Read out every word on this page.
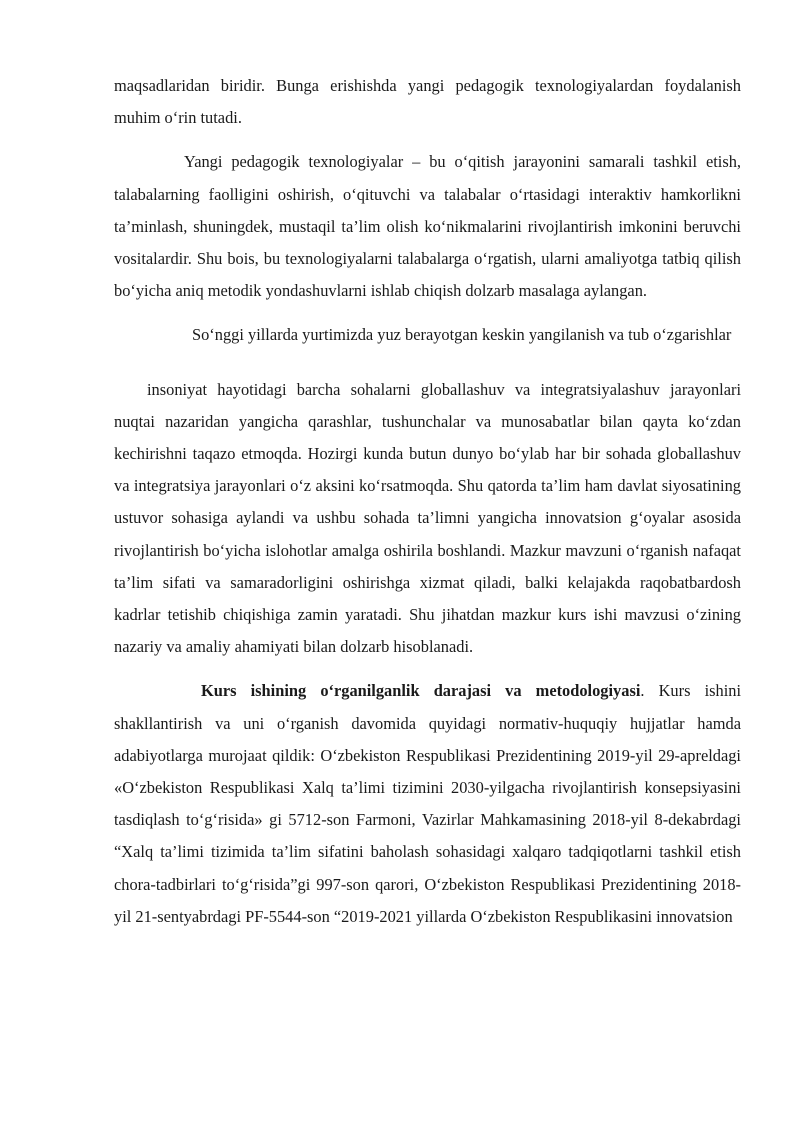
maqsadlaridan biridir. Bunga erishishda yangi pedagogik texnologiyalardan foydalanish muhim o‘rin tutadi.

Yangi pedagogik texnologiyalar – bu o‘qitish jarayonini samarali tashkil etish, talabalarning faolligini oshirish, o‘qituvchi va talabalar o‘rtasidagi interaktiv hamkorlikni ta’minlash, shuningdek, mustaqil ta’lim olish ko‘nikmalarini rivojlantirish imkonini beruvchi vositalardir. Shu bois, bu texnologiyalarni talabalarga o‘rgatish, ularni amaliyotga tatbiq qilish bo‘yicha aniq metodik yondashuvlarni ishlab chiqish dolzarb masalaga aylangan.

So‘nggi yillarda yurtimizda yuz berayotgan keskin yangilanish va tub o‘zgarishlar

insoniyat hayotidagi barcha sohalarni globallashuv va integratsiyalashuv jarayonlari nuqtai nazaridan yangicha qarashlar, tushunchalar va munosabatlar bilan qayta ko‘zdan kechirishni taqazo etmoqda. Hozirgi kunda butun dunyo bo‘ylab har bir sohada globallashuv va integratsiya jarayonlari o‘z aksini ko‘rsatmoqda. Shu qatorda ta’lim ham davlat siyosatining ustuvor sohasiga aylandi va ushbu sohada ta’limni yangicha innovatsion g‘oyalar asosida rivojlantirish bo‘yicha islohotlar amalga oshirila boshlandi. Mazkur mavzuni o‘rganish nafaqat ta’lim sifati va samaradorligini oshirishga xizmat qiladi, balki kelajakda raqobatbardosh kadrlar tetishib chiqishiga zamin yaratadi. Shu jihatdan mazkur kurs ishi mavzusi o‘zining nazariy va amaliy ahamiyati bilan dolzarb hisoblanadi.

Kurs ishining o‘rganilganlik darajasi va metodologiyasi. Kurs ishini shakllantirish va uni o‘rganish davomida quyidagi normativ-huquqiy hujjatlar hamda adabiyotlarga murojaat qildik: O‘zbekiston Respublikasi Prezidentining 2019-yil 29-apreldagi «O‘zbekiston Respublikasi Xalq ta’limi tizimini 2030-yilgacha rivojlantirish konsepsiyasini tasdiqlash to‘g‘risida» gi 5712-son Farmoni, Vazirlar Mahkamasining 2018-yil 8-dekabrdagi “Xalq ta’limi tizimida ta’lim sifatini baholash sohasidagi xalqaro tadqiqotlarni tashkil etish chora-tadbirlari to‘g‘risida”gi 997-son qarori, O‘zbekiston Respublikasi Prezidentining 2018-yil 21-sentyabrdagi PF-5544-son “2019-2021 yillarda O‘zbekiston Respublikasini innovatsion
